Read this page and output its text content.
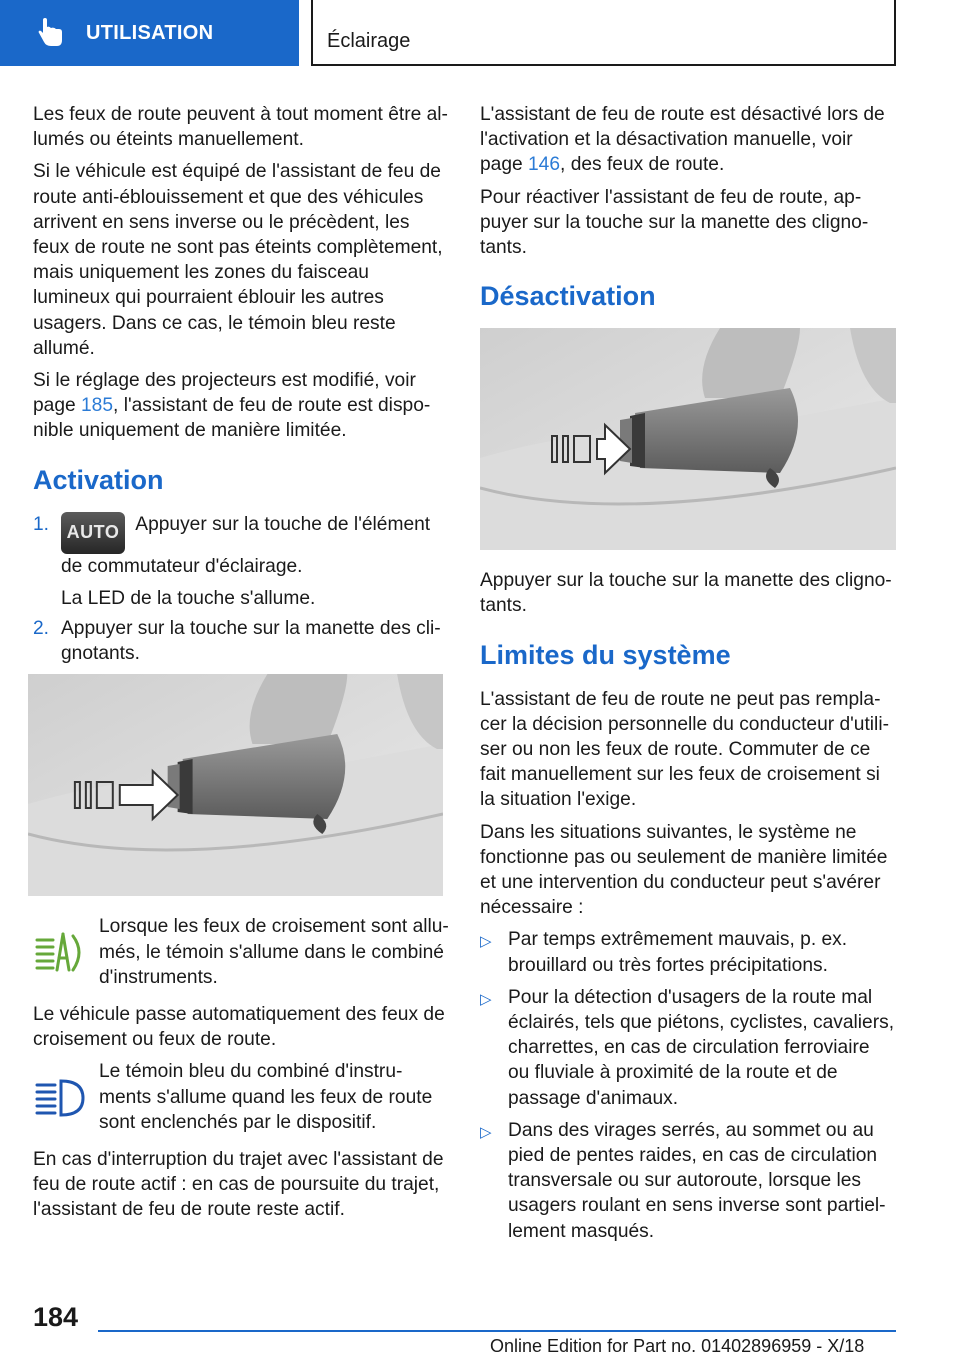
UTILISATION	Éclairage

Les feux de route peuvent à tout moment être al‐lumés ou éteints manuellement.

Si le véhicule est équipé de l'assistant de feu de route anti‐éblouissement et que des véhicules arrivent en sens inverse ou le précèdent, les feux de route ne sont pas éteints complètement, mais uniquement les zones du faisceau lumineux qui pourraient éblouir les autres usagers. Dans ce cas, le témoin bleu reste allumé.

Si le réglage des projecteurs est modifié, voir page 185, l'assistant de feu de route est dispo‐nible uniquement de manière limitée.

Activation
1. AUTO Appuyer sur la touche de l'élément de commutateur d'éclairage.
La LED de la touche s'allume.
2. Appuyer sur la touche sur la manette des cli‐gnotants.
Lorsque les feux de croisement sont allu‐més, le témoin s'allume dans le combiné d'instruments.

Le véhicule passe automatiquement des feux de croisement ou feux de route.

Le témoin bleu du combiné d'instru‐ments s'allume quand les feux de route sont enclenchés par le dispositif.

En cas d'interruption du trajet avec l'assistant de feu de route actif : en cas de poursuite du trajet, l'assistant de feu de route reste actif.

L'assistant de feu de route est désactivé lors de l'activation et la désactivation manuelle, voir page 146, des feux de route.

Pour réactiver l'assistant de feu de route, ap‐puyer sur la touche sur la manette des cligno‐tants.

Désactivation

Appuyer sur la touche sur la manette des cligno‐tants.

Limites du système

L'assistant de feu de route ne peut pas rempla‐cer la décision personnelle du conducteur d'utili‐ser ou non les feux de route. Commuter de ce fait manuellement sur les feux de croisement si la situation l'exige.

Dans les situations suivantes, le système ne fonctionne pas ou seulement de manière limitée et une intervention du conducteur peut s'avérer nécessaire :

▷ Par temps extrêmement mauvais, p. ex. brouillard ou très fortes précipitations.
▷ Pour la détection d'usagers de la route mal éclairés, tels que piétons, cyclistes, cavaliers, charrettes, en cas de circulation ferroviaire ou fluviale à proximité de la route et de passage d'animaux.
▷ Dans des virages serrés, au sommet ou au pied de pentes raides, en cas de circulation transversale ou sur autoroute, lorsque les usagers roulant en sens inverse sont partiel‐lement masqués.
184
Online Edition for Part no. 01402896959 - X/18
